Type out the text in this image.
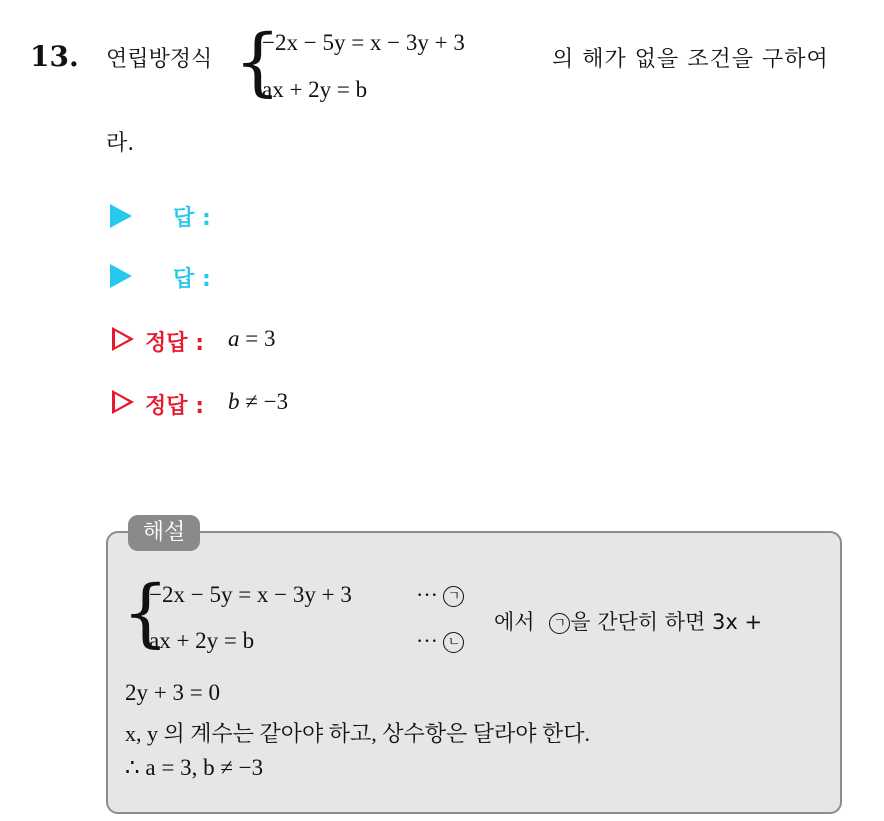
13. 연립방정식 {
−2x − 5y = x − 3y + 3
ax + 2y = b
의 해가 없을 조건을 구하여
라.
답 :
답 :
정답 : a = 3
정답 : b ≠ −3
해설
{
−2x − 5y = x − 3y + 3
ax + 2y = b
··· ㄱ
··· ㄴ
에서 ㄱ 을 간단히 하면 3x +
2y + 3 = 0
x, y 의 계수는 같아야 하고, 상수항은 달라야 한다.
∴ a = 3, b ≠ −3
